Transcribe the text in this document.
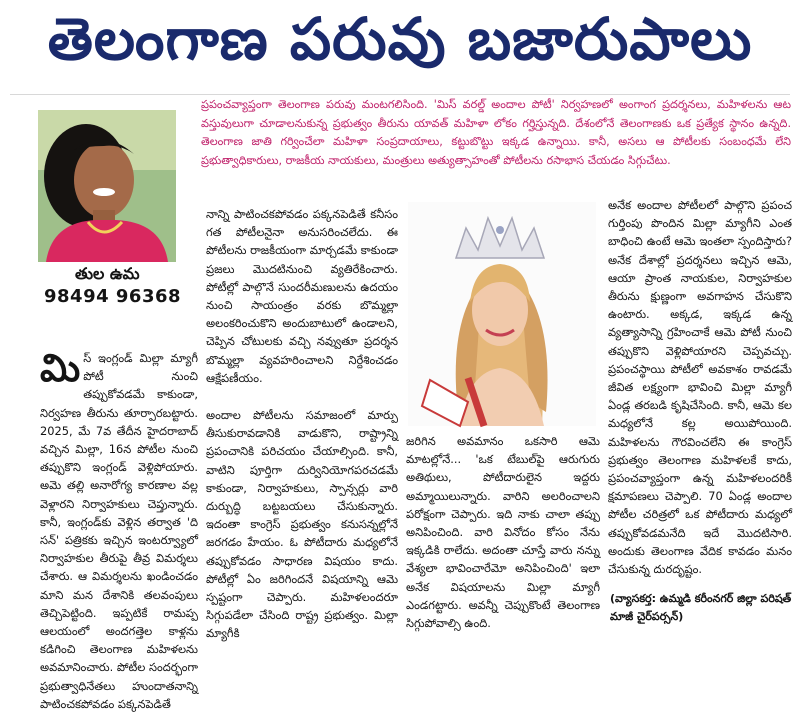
తెలంగాణ పరువు బజారుపాలు
తుల ఉమ
98494 96368
ప్రపంచవ్యాప్తంగా తెలంగాణ పరువు మంటగలిసింది. 'మిస్ వరల్డ్ అందాల పోటీ' నిర్వహణలో అంగాంగ ప్రదర్శనలు, మహిళలను ఆట వస్తువులుగా చూడాలనుకున్న ప్రభుత్వం తీరును యావత్ మహిళా లోకం గర్హిస్తున్నది. దేశంలోనే తెలంగాణకు ఒక ప్రత్యేక స్థానం ఉన్నది. తెలంగాణ జాతి గర్వించేలా మహిళా సంప్రదాయాలు, కట్టుబొట్టు ఇక్కడ ఉన్నాయి. కానీ, అసలు ఆ పోటీలకు సంబంధమే లేని ప్రభుత్వాధికారులు, రాజకీయ నాయకులు, మంత్రులు అత్యుత్సాహంతో పోటీలను రసాభాస చేయడం సిగ్గుచేటు.
మి స్ ఇంగ్లండ్ మిల్లా మ్యాగీ పోటీ నుంచి తప్పుకోవడమే కాకుండా, నిర్వహణ తీరును తూర్పారబట్టారు. 2025, మే 7వ తేదీన హైదరాబాద్ వచ్చిన మిల్లా, 16న పోటీల నుంచి తప్పుకొని ఇంగ్లండ్ వెళ్లిపోయారు. అమె తల్లి అనారోగ్య కారణాల వల్ల వెళ్లారని నిర్వాహకులు చెప్తున్నారు. కానీ, ఇంగ్లండ్‌కు వెళ్లిన తర్వాత 'ది సన్' పత్రికకు ఇచ్చిన ఇంటర్వ్యూలో నిర్వాహకుల తీరుపై తీవ్ర విమర్శలు చేశారు. ఆ విమర్శలను ఖండించడం మాని మన దేశానికి తలవంపులు తెచ్చిపెట్టింది. ఇప్పటికే రామప్ప ఆలయంలో అందగత్తెల కాళ్లను కడిగించి తెలంగాణ మహిళలను అవమానించారు. పోటీల సందర్భంగా ప్రభుత్వాధినేతలు హుందాతనాన్ని పాటించకపోవడం పక్కనపెడితే
నాన్ని పాటించకపోవడం పక్కనపెడితే కనీసం గత పోటీలనైనా అనుసరించలేదు. ఈ పోటీలను రాజకీయంగా మార్చడమే కాకుండా ప్రజలు మొదటినుంచి వ్యతిరేకించారు. పోటీల్లో పాల్గొనే సుందరీమణులను ఉదయం నుంచి సాయంత్రం వరకు బొమ్మల్లా అలంకరించుకొని అందుబాటులో ఉండాలని, చెప్పిన చోటులకు వచ్చి నవ్వుతూ ప్రదర్శన బొమ్మల్లా వ్యవహరించాలని నిర్దేశించడం ఆక్షేపణీయం.
అందాల పోటీలను సమాజంలో మార్పు తీసుకురావడానికి వాడుకొని, రాష్ట్రాన్ని ప్రపంచానికి పరిచయం చేయాల్సింది. కానీ, వాటిని పూర్తిగా దుర్వినియోగపరచడమే కాకుండా, నిర్వాహకులు, స్పాన్సర్లు వారి దుర్బుద్ధి బట్టబయలు చేసుకున్నారు. ఇదంతా కాంగ్రెస్ ప్రభుత్వం కనుసన్నల్లోనే జరగడం హేయం. ఓ పోటీదారు మధ్యలోనే తప్పుకోవడం సాధారణ విషయం కాదు. పోటీల్లో ఏం జరిగిందనే విషయాన్ని ఆమె స్పష్టంగా చెప్పారు. మహిళలందరూ సిగ్గుపడేలా చేసింది రాష్ట్ర ప్రభుత్వం. మిల్లా మ్యాగీకి
జరిగిన అవమానం ఒకసారి ఆమె మాటల్లోనే... 'ఒక టేబుల్‌పై ఆరుగురు అతిథులు, పోటీదారులైన ఇద్దరు అమ్మాయిలున్నారు. వారిని అలరించాలని పరోక్షంగా చెప్పారు. ఇది నాకు చాలా తప్పు అనిపించింది. వారి వినోదం కోసం నేను ఇక్కడికి రాలేదు. అదంతా చూస్తే వారు నన్ను వేశ్యలా భావించారేమో అనిపించింది' ఇలా అనేక విషయాలను మిల్లా మ్యాగీ ఎండగట్టారు. అవన్నీ చెప్పుకొంటే తెలంగాణ సిగ్గుపోవాల్సి ఉంది.
అనేక అందాల పోటీలలో పాల్గొని ప్రపంచ గుర్తింపు పొందిన మిల్లా మ్యాగీని ఎంత బాధించి ఉంటే ఆమె ఇంతలా స్పందిస్తారు? అనేక దేశాల్లో ప్రదర్శనలు ఇచ్చిన ఆమె, ఆయా ప్రాంత నాయకుల, నిర్వాహకుల తీరును క్షుణ్ణంగా అవగాహన చేసుకొని ఉంటారు. అక్కడ, ఇక్కడ ఉన్న వ్యత్యాసాన్ని గ్రహించాకే ఆమె పోటీ నుంచి తప్పుకొని వెళ్లిపోయారని చెప్పవచ్చు. ప్రపంచస్థాయి పోటీలో అవకాశం రావడమే జీవిత లక్ష్యంగా భావించి మిల్లా మ్యాగీ ఏండ్ల తరబడి కృషిచేసింది. కానీ, ఆమె కల మధ్యలోనే కల్ల అయిపోయింది. మహిళలను గౌరవించలేని ఈ కాంగ్రెస్ ప్రభుత్వం తెలంగాణ మహిళలకే కాదు, ప్రపంచవ్యాప్తంగా ఉన్న మహిళలందరికీ క్షమాపణలు చెప్పాలి. 70 ఏండ్ల అందాల పోటీల చరిత్రలో ఒక పోటీదారు మధ్యలో తప్పుకోవడమనేది ఇదే మొదటిసారి. అందుకు తెలంగాణ వేదిక కావడం మనం చేసుకున్న దురదృష్టం.
(వ్యాసకర్త: ఉమ్మడి కరీంనగర్ జిల్లా పరిషత్ మాజీ చైర్‌పర్సన్)
